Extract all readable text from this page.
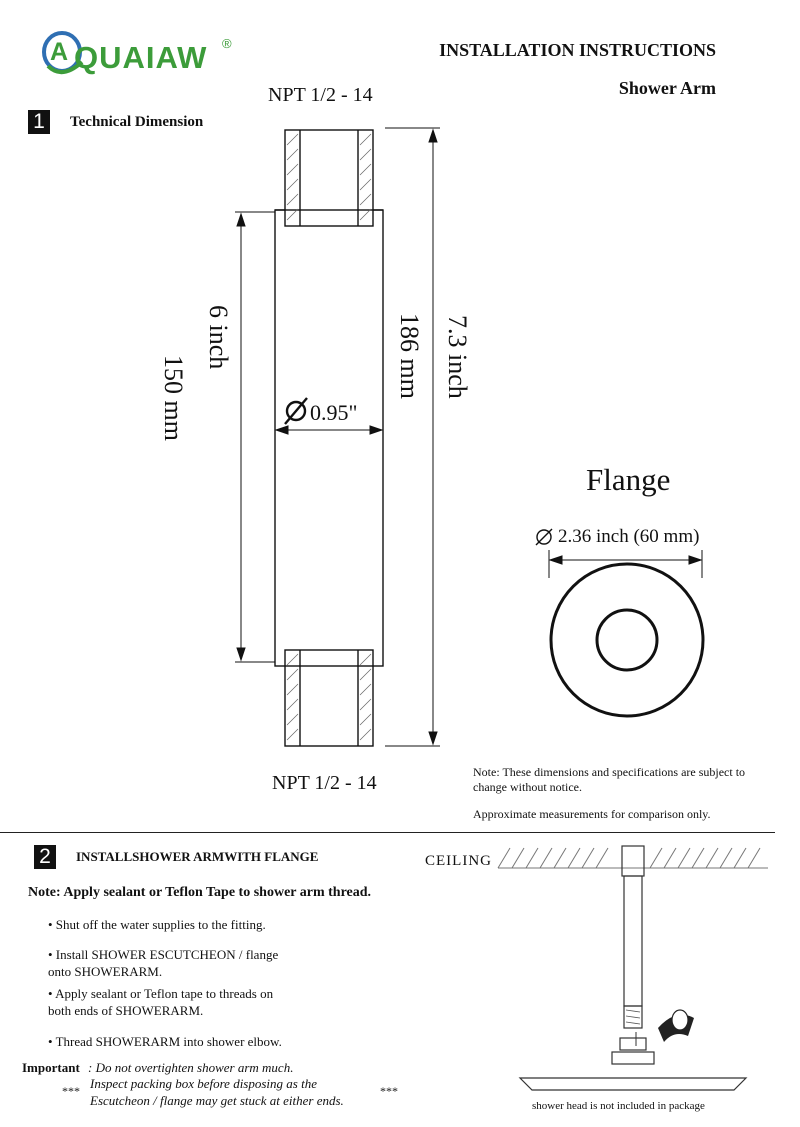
A QUAIAW ®	INSTALLATION INSTRUCTIONS
Shower Arm
1	Technical Dimension
NPT 1/2 - 14
NPT 1/2 - 14
150 mm
6 inch	186 mm 7.3 inch
0.95"
Flange
2.36 inch (60 mm)
Note: These dimensions and specifications are subject to change without notice.
Approximate measurements for comparison only.
2	INSTALLSHOWER ARMWITH FLANGE
Note: Apply sealant or Teflon Tape to shower arm thread.
• Shut off the water supplies to the fitting.
• Install SHOWER ESCUTCHEON / flange onto SHOWERARM.
• Apply sealant or Teflon tape to threads on both ends of SHOWERARM.
• Thread SHOWERARM into shower elbow.
Important : Do not overtighten shower arm much.
Inspect packing box before disposing as the
Escutcheon / flange may get stuck at either ends.
***	***
CEILING
shower head is not included in package
